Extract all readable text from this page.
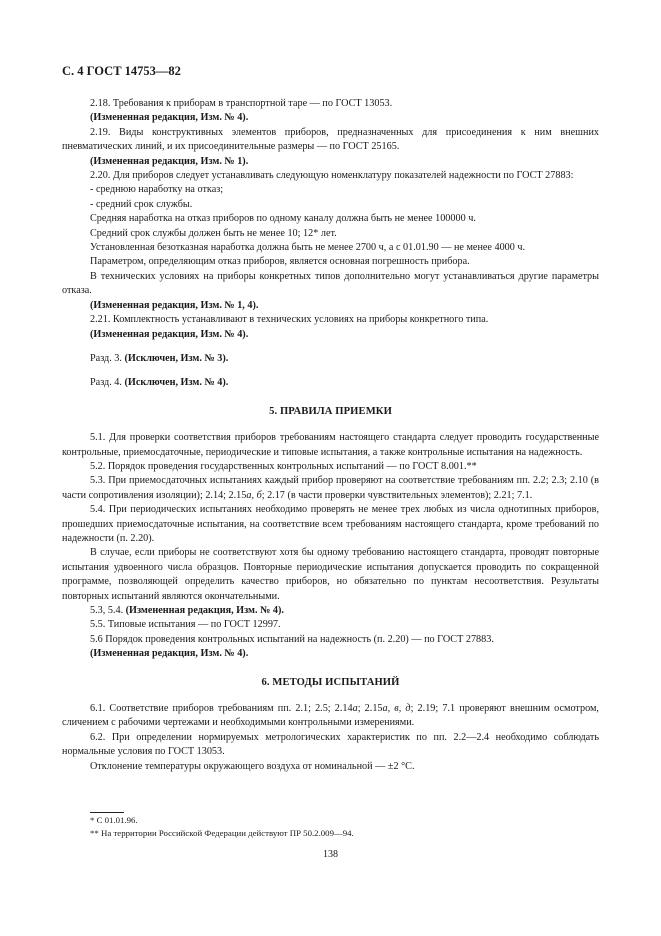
С. 4 ГОСТ 14753—82

2.18. Требования к приборам в транспортной таре — по ГОСТ 13053.

(Измененная редакция, Изм. № 4).

2.19. Виды конструктивных элементов приборов, предназначенных для присоединения к ним внешних пневматических линий, и их присоединительные размеры — по ГОСТ 25165.

(Измененная редакция, Изм. № 1).

2.20. Для приборов следует устанавливать следующую номенклатуру показателей надежности по ГОСТ 27883:

- среднюю наработку на отказ;

- средний срок службы.

Средняя наработка на отказ приборов по одному каналу должна быть не менее 100000 ч.

Средний срок службы должен быть не менее 10; 12* лет.

Установленная безотказная наработка должна быть не менее 2700 ч, а с 01.01.90 — не менее 4000 ч.

Параметром, определяющим отказ приборов, является основная погрешность прибора.

В технических условиях на приборы конкретных типов дополнительно могут устанавливаться другие параметры отказа.

(Измененная редакция, Изм. № 1, 4).

2.21. Комплектность устанавливают в технических условиях на приборы конкретного типа.

(Измененная редакция, Изм. № 4).

Разд. 3. (Исключен, Изм. № 3).

Разд. 4. (Исключен, Изм. № 4).

5. ПРАВИЛА ПРИЕМКИ

5.1. Для проверки соответствия приборов требованиям настоящего стандарта следует проводить государственные контрольные, приемосдаточные, периодические и типовые испытания, а также контрольные испытания на надежность.

5.2. Порядок проведения государственных контрольных испытаний — по ГОСТ 8.001.**

5.3. При приемосдаточных испытаниях каждый прибор проверяют на соответствие требованиям пп. 2.2; 2.3; 2.10 (в части сопротивления изоляции); 2.14; 2.15а, б; 2.17 (в части проверки чувствительных элементов); 2.21; 7.1.

5.4. При периодических испытаниях необходимо проверять не менее трех любых из числа однотипных приборов, прошедших приемосдаточные испытания, на соответствие всем требованиям настоящего стандарта, кроме требований по надежности (п. 2.20).

В случае, если приборы не соответствуют хотя бы одному требованию настоящего стандарта, проводят повторные испытания удвоенного числа образцов. Повторные периодические испытания допускается проводить по сокращенной программе, позволяющей определить качество приборов, но обязательно по пунктам несоответствия. Результаты повторных испытаний являются окончательными.

5.3, 5.4. (Измененная редакция, Изм. № 4).

5.5. Типовые испытания — по ГОСТ 12997.

5.6 Порядок проведения контрольных испытаний на надежность (п. 2.20) — по ГОСТ 27883.

(Измененная редакция, Изм. № 4).

6. МЕТОДЫ ИСПЫТАНИЙ

6.1. Соответствие приборов требованиям пп. 2.1; 2.5; 2.14а; 2.15а, в, д; 2.19; 7.1 проверяют внешним осмотром, сличением с рабочими чертежами и необходимыми контрольными измерениями.

6.2. При определении нормируемых метрологических характеристик по пп. 2.2—2.4 необходимо соблюдать нормальные условия по ГОСТ 13053.

Отклонение температуры окружающего воздуха от номинальной — ±2 °С.

* С 01.01.96.
** На территории Российской Федерации действуют ПР 50.2.009—94.
138
